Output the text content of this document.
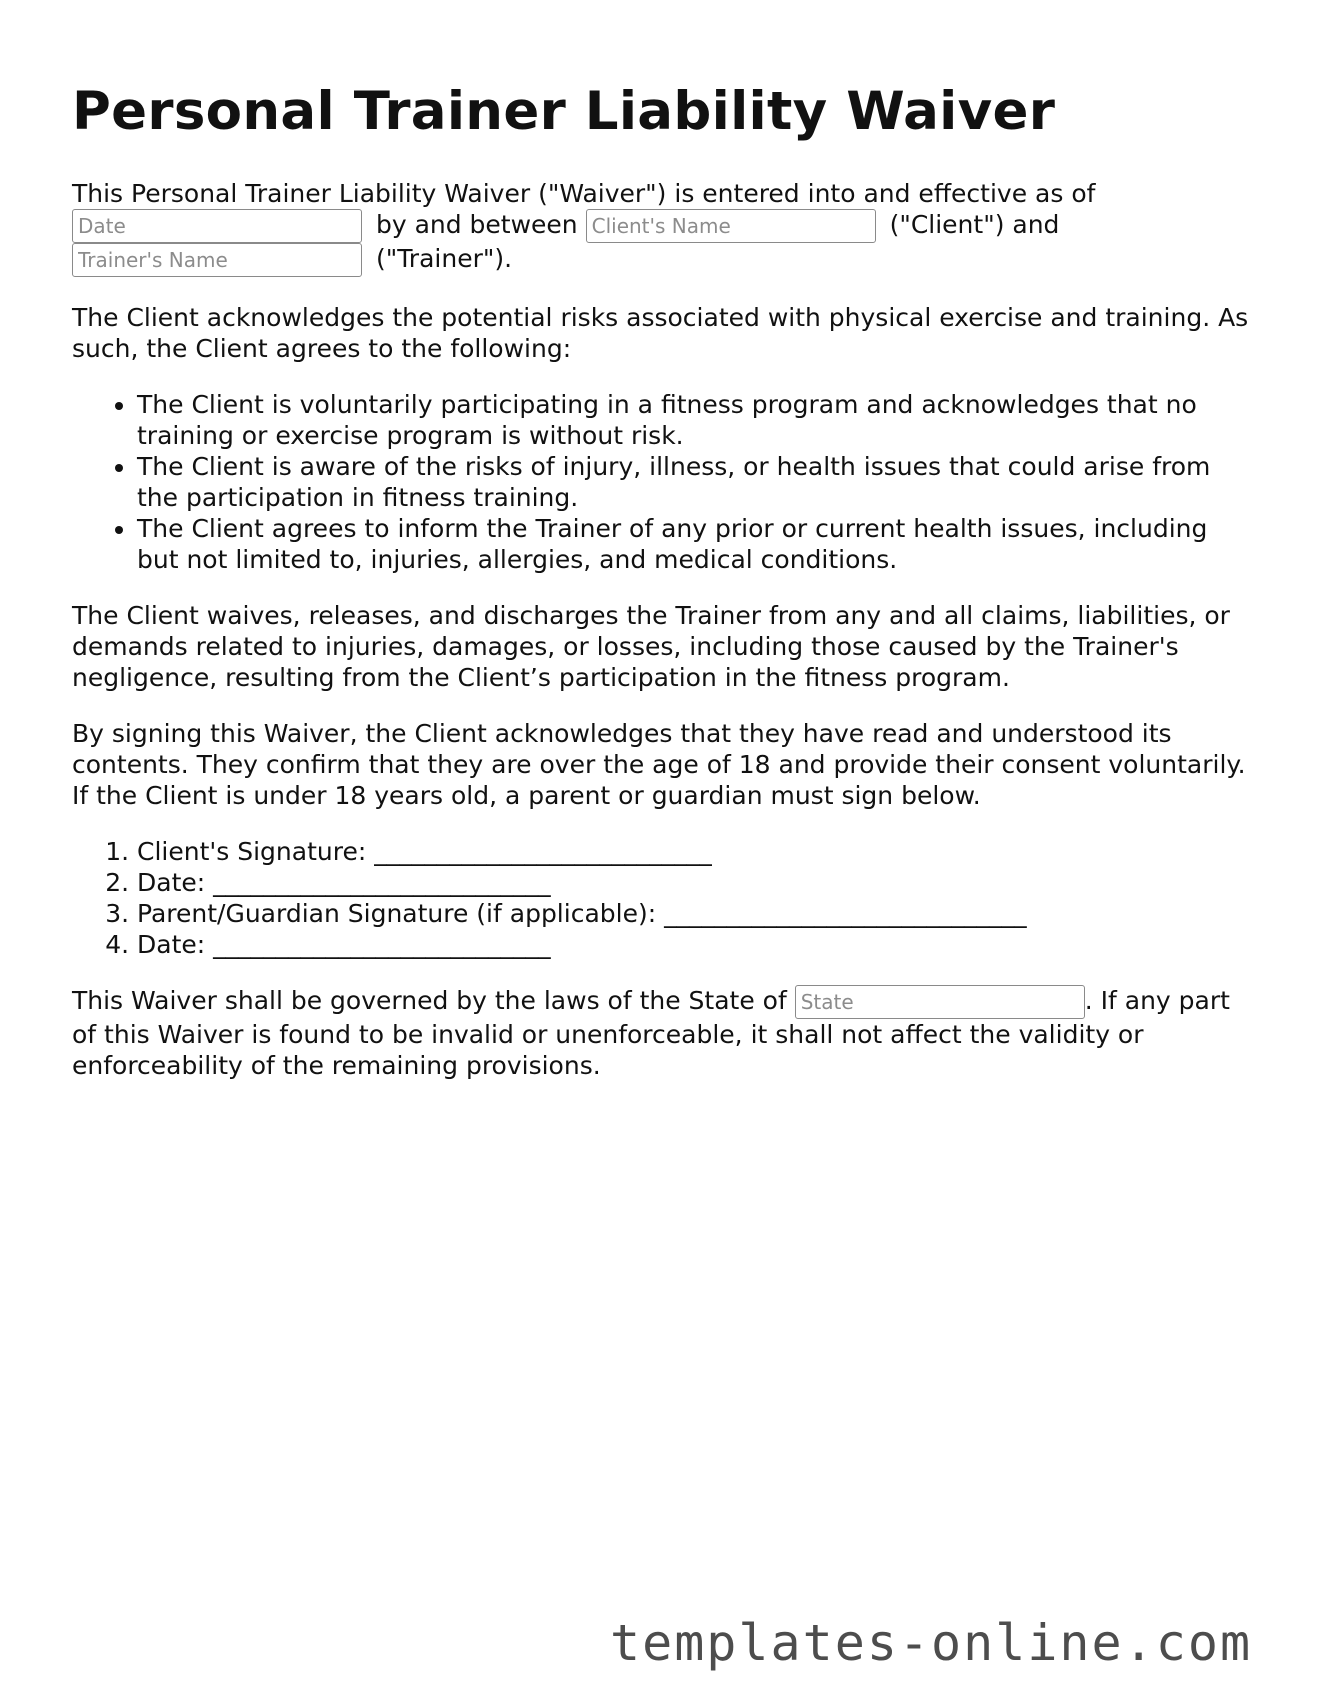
Personal Trainer Liability Waiver

This Personal Trainer Liability Waiver ("Waiver") is entered into and effective as of Date by and between Client's Name	("Client") and Trainer's Name ("Trainer").

The Client acknowledges the potential risks associated with physical exercise and training. As such, the Client agrees to the following:

• The Client is voluntarily participating in a fitness program and acknowledges that no training or exercise program is without risk.
• The Client is aware of the risks of injury, illness, or health issues that could arise from the participation in fitness training.
• The Client agrees to inform the Trainer of any prior or current health issues, including but not limited to, injuries, allergies, and medical conditions.

The Client waives, releases, and discharges the Trainer from any and all claims, liabilities, or demands related to injuries, damages, or losses, including those caused by the Trainer's negligence, resulting from the Client’s participation in the fitness program.

By signing this Waiver, the Client acknowledges that they have read and understood its contents. They confirm that they are over the age of 18 and provide their consent voluntarily. If the Client is under 18 years old, a parent or guardian must sign below.

1. Client's Signature: ___________________________
2. Date: ___________________________
3. Parent/Guardian Signature (if applicable): _____________________________
4. Date: ___________________________

This Waiver shall be governed by the laws of the State of State	. If any part of this Waiver is found to be invalid or unenforceable, it shall not affect the validity or enforceability of the remaining provisions.

templates-online.com
